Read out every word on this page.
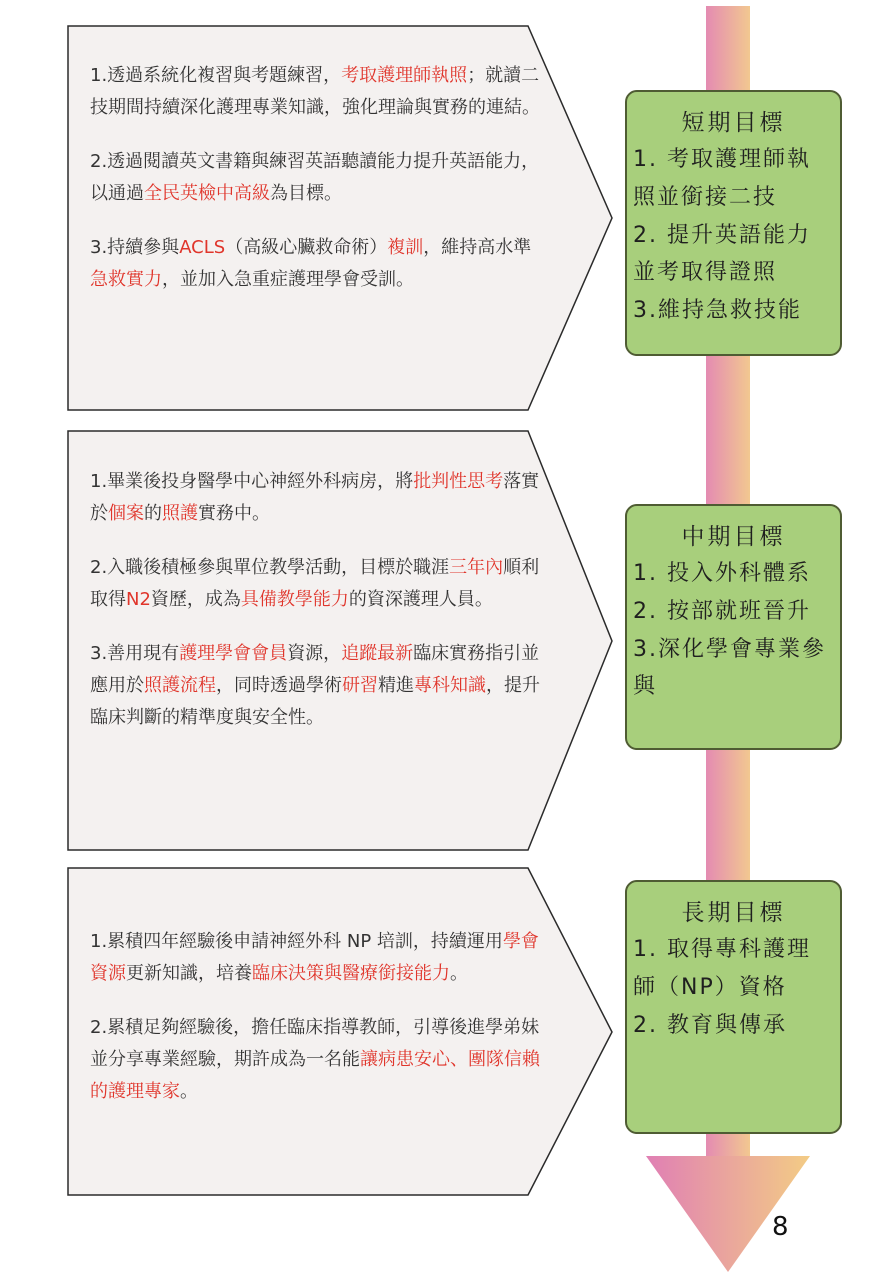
1.透過系統化複習與考題練習，考取護理師執照；就讀二技期間持續深化護理專業知識，強化理論與實務的連結。

2.透過閱讀英文書籍與練習英語聽讀能力提升英語能力，以通過全民英檢中高級為目標。

3.持續參與ACLS（高級心臟救命術）複訓，維持高水準急救實力，並加入急重症護理學會受訓。

短期目標
1. 考取護理師執照並銜接二技
2. 提升英語能力並考取得證照
3.維持急救技能

1.畢業後投身醫學中心神經外科病房，將批判性思考落實於個案的照護實務中。

2.入職後積極參與單位教學活動，目標於職涯三年內順利取得N2資歷，成為具備教學能力的資深護理人員。

3.善用現有護理學會會員資源，追蹤最新臨床實務指引並應用於照護流程，同時透過學術研習精進專科知識，提升臨床判斷的精準度與安全性。

中期目標
1. 投入外科體系
2. 按部就班晉升
3.深化學會專業參與

1.累積四年經驗後申請神經外科 NP 培訓，持續運用學會資源更新知識，培養臨床決策與醫療銜接能力。

2.累積足夠經驗後，擔任臨床指導教師，引導後進學弟妹並分享專業經驗，期許成為一名能讓病患安心、團隊信賴的護理專家。

長期目標
1. 取得專科護理師（NP）資格
2. 教育與傳承
8
